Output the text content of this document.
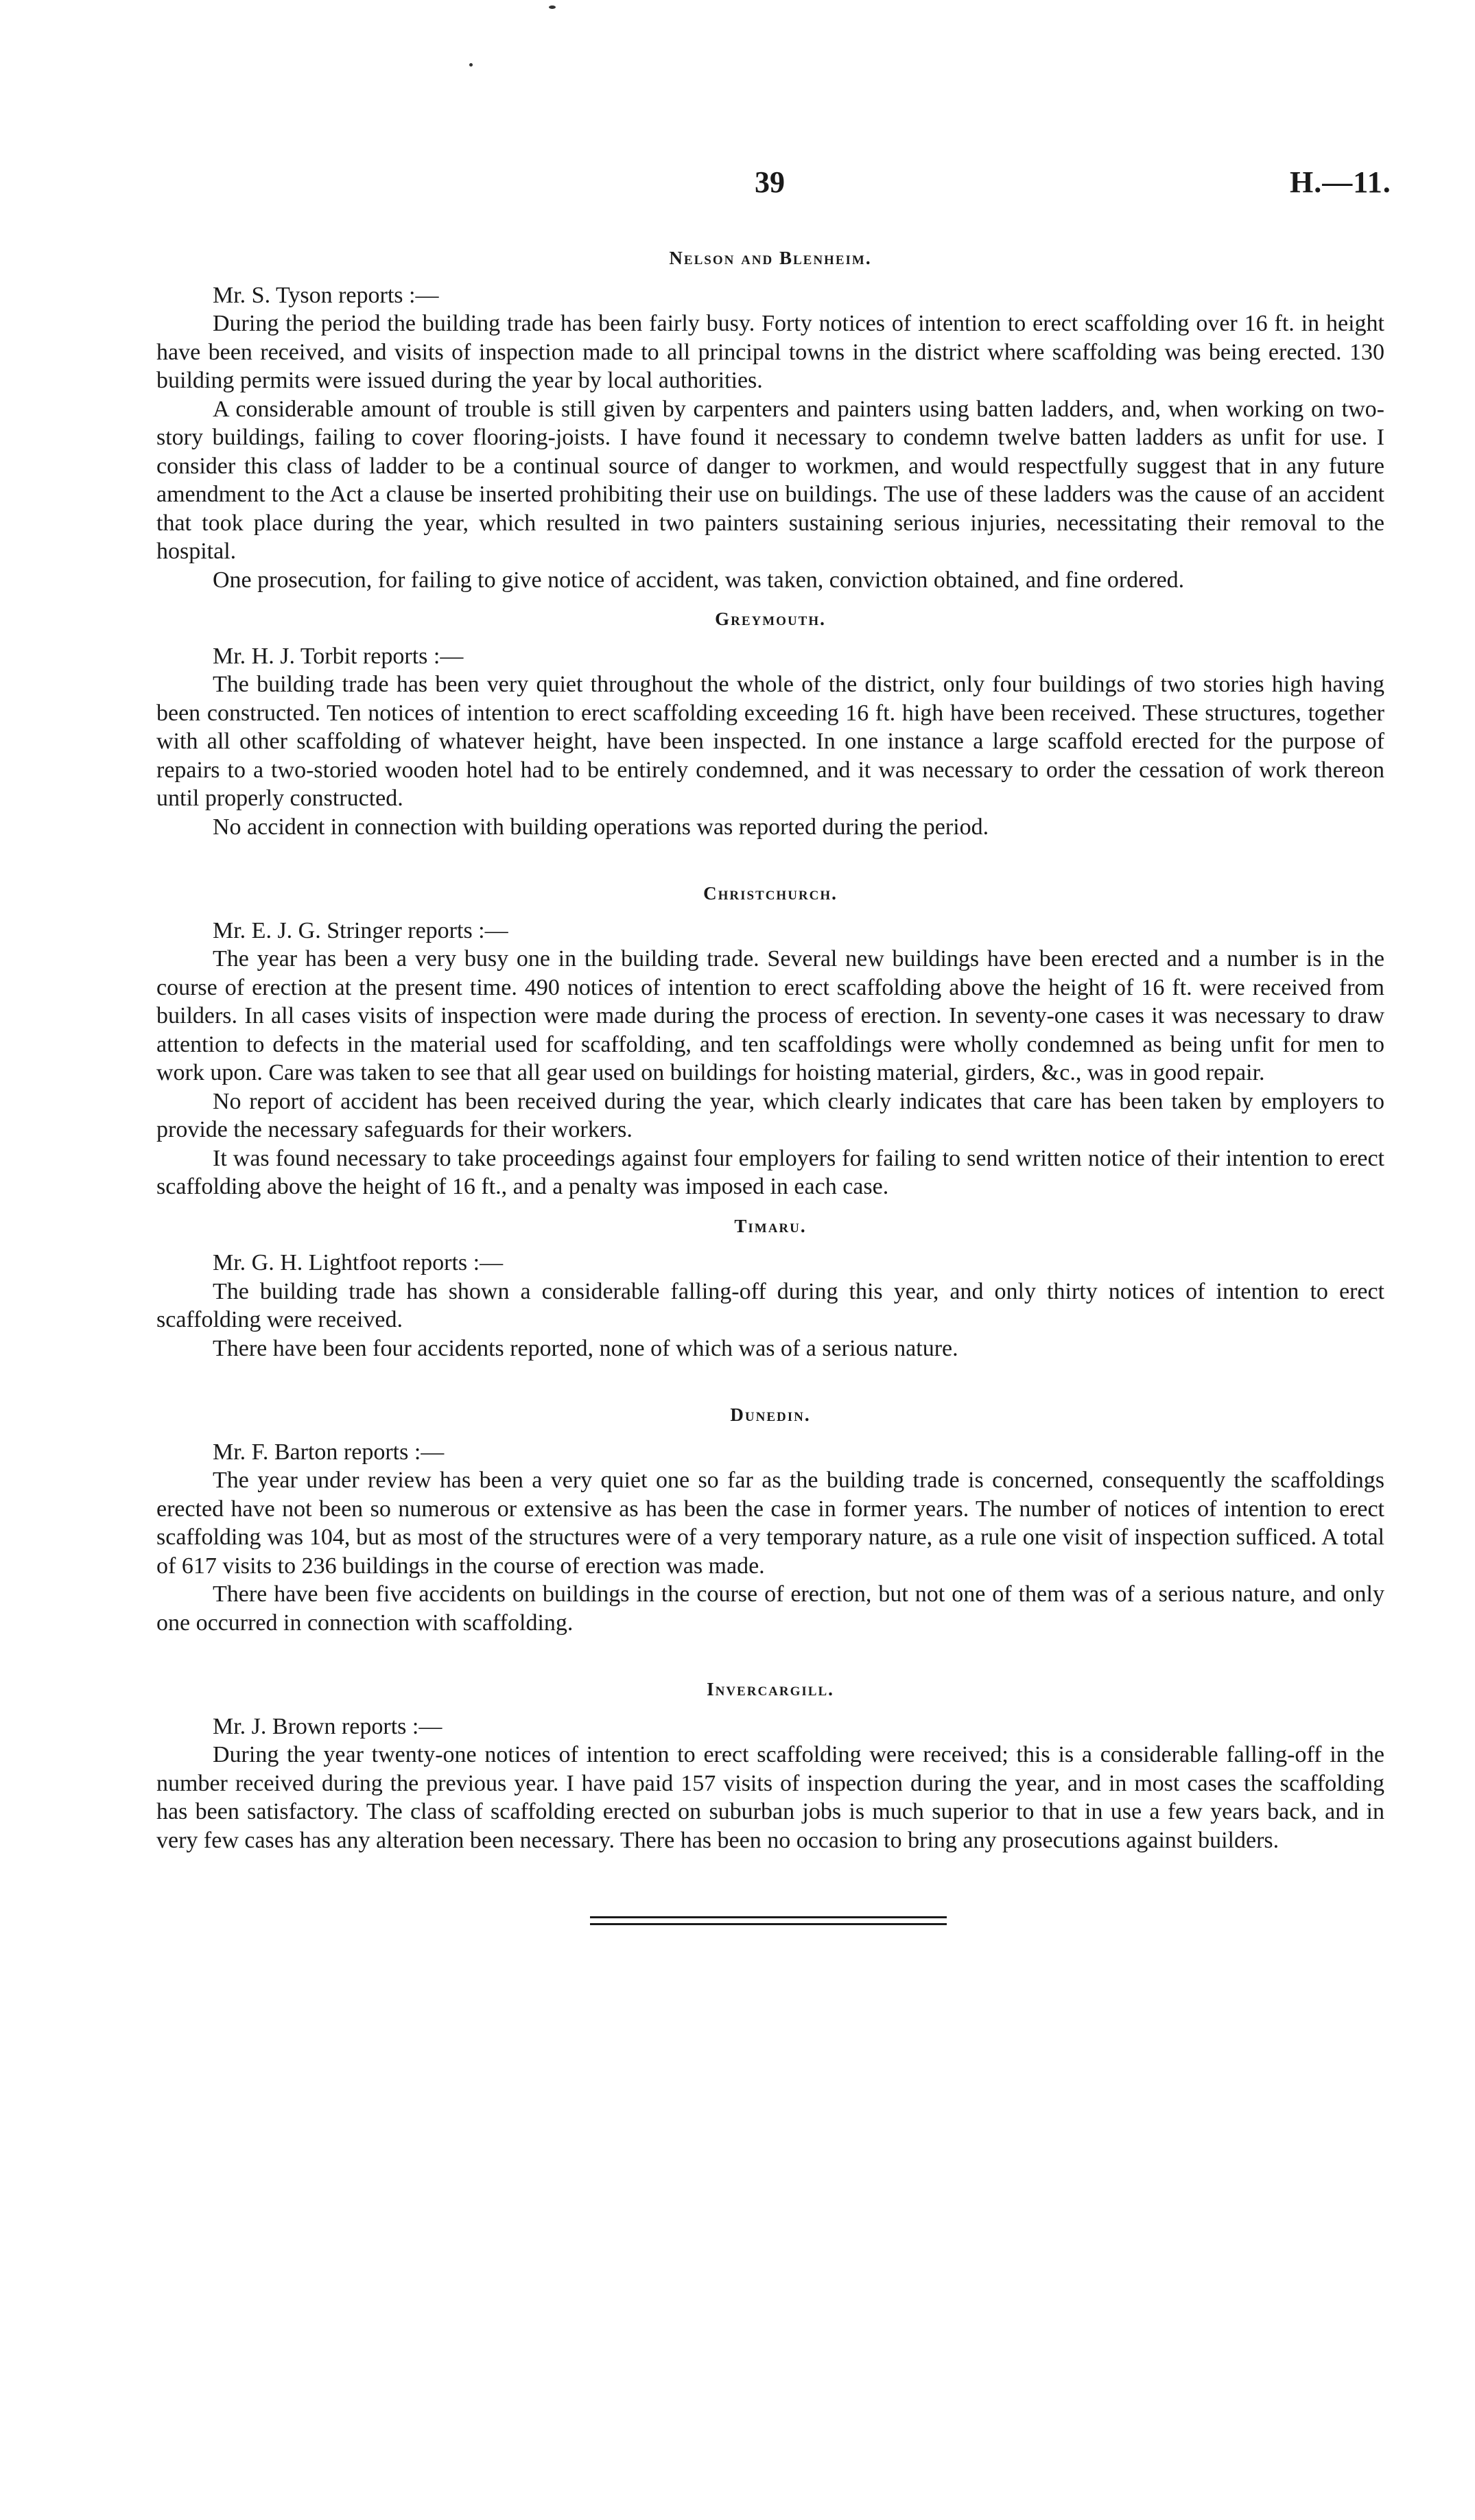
39	H.—11.
Nelson and Blenheim.
Mr. S. Tyson reports :—

During the period the building trade has been fairly busy. Forty notices of intention to erect scaffolding over 16 ft. in height have been received, and visits of inspection made to all principal towns in the district where scaffolding was being erected. 130 building permits were issued during the year by local authorities.

A considerable amount of trouble is still given by carpenters and painters using batten ladders, and, when working on two-story buildings, failing to cover flooring-joists. I have found it necessary to condemn twelve batten ladders as unfit for use. I consider this class of ladder to be a continual source of danger to workmen, and would respectfully suggest that in any future amendment to the Act a clause be inserted prohibiting their use on buildings. The use of these ladders was the cause of an accident that took place during the year, which resulted in two painters sustaining serious injuries, necessitating their removal to the hospital.

One prosecution, for failing to give notice of accident, was taken, conviction obtained, and fine ordered.

Greymouth.
Mr. H. J. Torbit reports :—

The building trade has been very quiet throughout the whole of the district, only four buildings of two stories high having been constructed. Ten notices of intention to erect scaffolding exceeding 16 ft. high have been received. These structures, together with all other scaffolding of whatever height, have been inspected. In one instance a large scaffold erected for the purpose of repairs to a two-storied wooden hotel had to be entirely condemned, and it was necessary to order the cessation of work thereon until properly constructed.

No accident in connection with building operations was reported during the period.

Christchurch.
Mr. E. J. G. Stringer reports :—

The year has been a very busy one in the building trade. Several new buildings have been erected and a number is in the course of erection at the present time. 490 notices of intention to erect scaffolding above the height of 16 ft. were received from builders. In all cases visits of inspection were made during the process of erection. In seventy-one cases it was necessary to draw attention to defects in the material used for scaffolding, and ten scaffoldings were wholly condemned as being unfit for men to work upon. Care was taken to see that all gear used on buildings for hoisting material, girders, &c., was in good repair.

No report of accident has been received during the year, which clearly indicates that care has been taken by employers to provide the necessary safeguards for their workers.

It was found necessary to take proceedings against four employers for failing to send written notice of their intention to erect scaffolding above the height of 16 ft., and a penalty was imposed in each case.

Timaru.
Mr. G. H. Lightfoot reports :—

The building trade has shown a considerable falling-off during this year, and only thirty notices of intention to erect scaffolding were received.

There have been four accidents reported, none of which was of a serious nature.

Dunedin.
Mr. F. Barton reports :—

The year under review has been a very quiet one so far as the building trade is concerned, consequently the scaffoldings erected have not been so numerous or extensive as has been the case in former years. The number of notices of intention to erect scaffolding was 104, but as most of the structures were of a very temporary nature, as a rule one visit of inspection sufficed. A total of 617 visits to 236 buildings in the course of erection was made.

There have been five accidents on buildings in the course of erection, but not one of them was of a serious nature, and only one occurred in connection with scaffolding.

Invercargill.
Mr. J. Brown reports :—

During the year twenty-one notices of intention to erect scaffolding were received; this is a considerable falling-off in the number received during the previous year. I have paid 157 visits of inspection during the year, and in most cases the scaffolding has been satisfactory. The class of scaffolding erected on suburban jobs is much superior to that in use a few years back, and in very few cases has any alteration been necessary. There has been no occasion to bring any prosecutions against builders.
